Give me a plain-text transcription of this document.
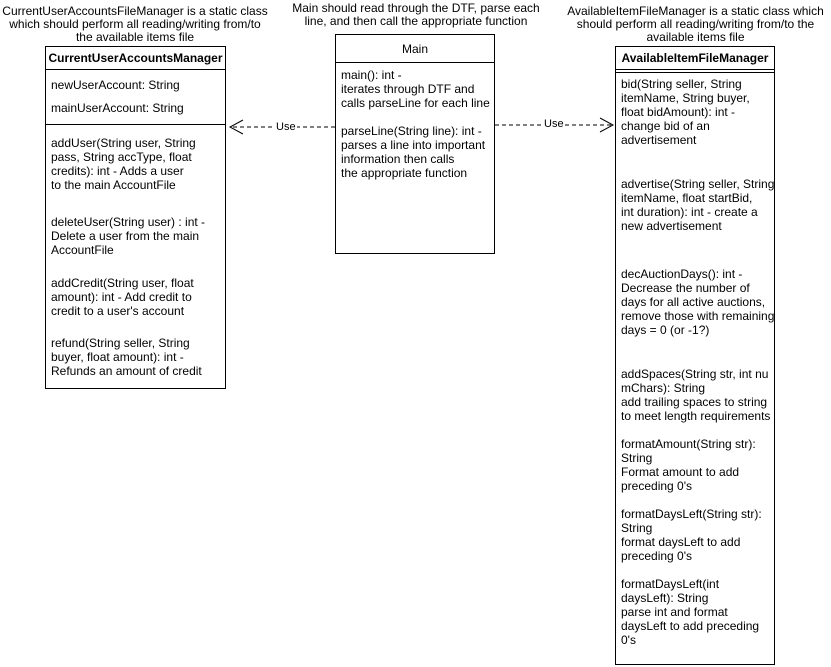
CurrentUserAccountsFileManager is a static class
which should perform all reading/writing from/to
the available items file
Main should read through the DTF, parse each
line, and then call the appropriate function
AvailableItemFileManager is a static class which
should perform all reading/writing from/to the
available items file
Use	Use
CurrentUserAccountsManager
newUserAccount: String
mainUserAccount: String
addUser(String user, String
pass, String accType, float
credits): int - Adds a user
to the main AccountFile
deleteUser(String user) : int -
Delete a user from the main
AccountFile
addCredit(String user, float
amount): int - Add credit to
credit to a user's account
refund(String seller, String
buyer, float amount): int -
Refunds an amount of credit
Main
main(): int -
iterates through DTF and
calls parseLine for each line
parseLine(String line): int -
parses a line into important
information then calls
the appropriate function
AvailableItemFileManager
bid(String seller, String
itemName, String buyer,
float bidAmount): int -
change bid of an
advertisement
advertise(String seller, String
itemName, float startBid,
int duration): int - create a
new advertisement
decAuctionDays(): int -
Decrease the number of
days for all active auctions,
remove those with remaining
days = 0 (or -1?)
addSpaces(String str, int nu
mChars): String
add trailing spaces to string
to meet length requirements
formatAmount(String str):
String
Format amount to add
preceding 0's
formatDaysLeft(String str):
String
format daysLeft to add
preceding 0's
formatDaysLeft(int
daysLeft): String
parse int and format
daysLeft to add preceding
0's
